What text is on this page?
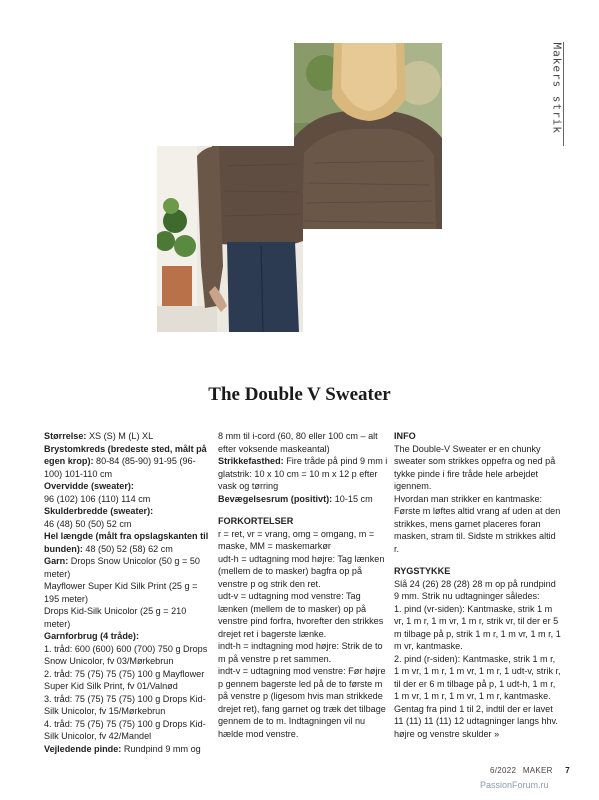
Makers strik
The Double V Sweater

Størrelse: XS (S) M (L) XL

Brystomkreds (bredeste sted, målt på egen krop): 80-84 (85-90) 91-95 (96-100) 101-110 cm

Overvidde (sweater):

96 (102) 106 (110) 114 cm

Skulderbredde (sweater):

46 (48) 50 (50) 52 cm

Hel længde (målt fra opslagskanten til bunden): 48 (50) 52 (58) 62 cm

Garn: Drops Snow Unicolor (50 g = 50 meter)

Mayflower Super Kid Silk Print (25 g = 195 meter)

Drops Kid-Silk Unicolor (25 g = 210 meter)

Garnforbrug (4 tråde):

1. tråd: 600 (600) 600 (700) 750 g Drops Snow Unicolor, fv 03/Mørkebrun

2. tråd: 75 (75) 75 (75) 100 g Mayflower Super Kid Silk Print, fv 01/Valnød

3. tråd: 75 (75) 75 (75) 100 g Drops Kid-Silk Unicolor, fv 15/Mørkebrun

4. tråd: 75 (75) 75 (75) 100 g Drops Kid-Silk Unicolor, fv 42/Mandel

Vejledende pinde: Rundpind 9 mm og

8 mm til i-cord (60, 80 eller 100 cm – alt efter voksende maskeantal)

Strikkefasthed: Fire tråde på pind 9 mm i glatstrik: 10 x 10 cm = 10 m x 12 p efter vask og tørring

Bevægelsesrum (positivt): 10-15 cm

FORKORTELSER

r = ret, vr = vrang, omg = omgang, m = maske, MM = maskemarkør

udt-h = udtagning mod højre: Tag lænken (mellem de to masker) bagfra op på venstre p og strik den ret.

udt-v = udtagning mod venstre: Tag lænken (mellem de to masker) op på venstre pind forfra, hvorefter den strikkes drejet ret i bagerste lænke.

indt-h = indtagning mod højre: Strik de to m på venstre p ret sammen.

indt-v = udtagning mod venstre: Før højre p gennem bagerste led på de to første m på venstre p (ligesom hvis man strikkede drejet ret), fang garnet og træk det tilbage gennem de to m. Indtagningen vil nu hælde mod venstre.

INFO

The Double-V Sweater er en chunky sweater som strikkes oppefra og ned på tykke pinde i fire tråde hele arbejdet igennem.

Hvordan man strikker en kantmaske: Første m løftes altid vrang af uden at den strikkes, mens garnet placeres foran masken, stram til. Sidste m strikkes altid r.

RYGSTYKKE

Slå 24 (26) 28 (28) 28 m op på rundpind 9 mm. Strik nu udtagninger således:

1. pind (vr-siden): Kantmaske, strik 1 m vr, 1 m r, 1 m vr, 1 m r, strik vr, til der er 5 m tilbage på p, strik 1 m r, 1 m vr, 1 m r, 1 m vr, kantmaske.

2. pind (r-siden): Kantmaske, strik 1 m r, 1 m vr, 1 m r, 1 m vr, 1 m r, 1 udt-v, strik r, til der er 6 m tilbage på p, 1 udt-h, 1 m r, 1 m vr, 1 m r, 1 m vr, 1 m r, kantmaske. Gentag fra pind 1 til 2, indtil der er lavet 11 (11) 11 (11) 12 udtagninger langs hhv. højre og venstre skulder »

6/2022 MAKER 7
PassionForum.ru
